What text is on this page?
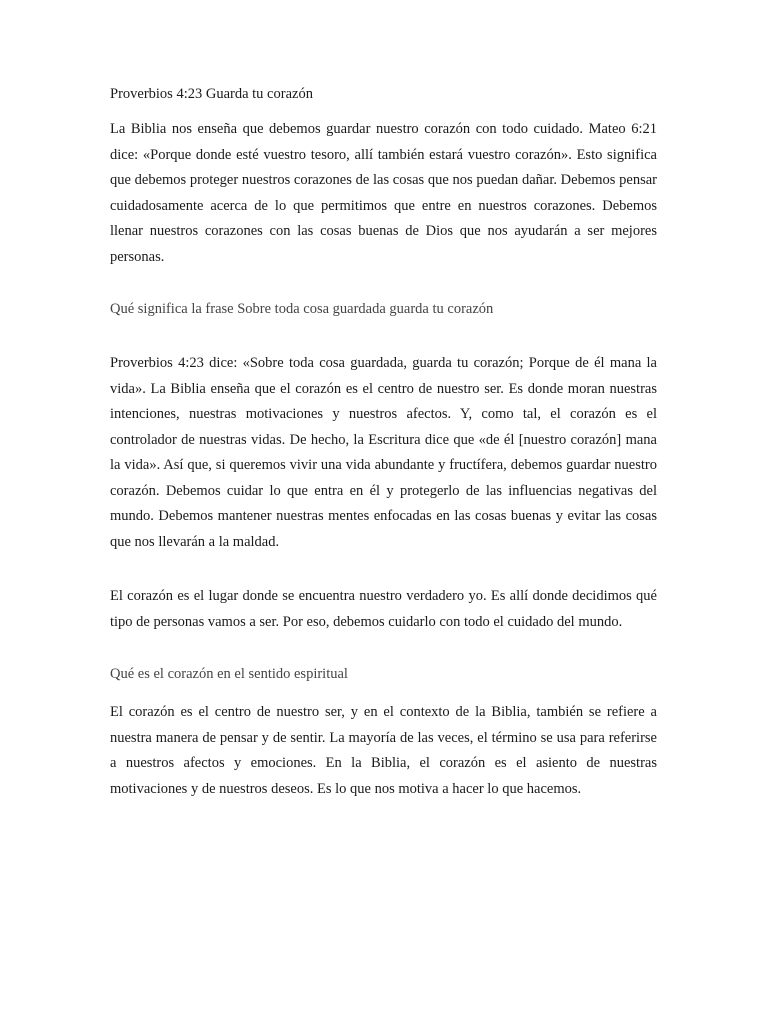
Proverbios 4:23 Guarda tu corazón

La Biblia nos enseña que debemos guardar nuestro corazón con todo cuidado. Mateo 6:21 dice: «Porque donde esté vuestro tesoro, allí también estará vuestro corazón». Esto significa que debemos proteger nuestros corazones de las cosas que nos puedan dañar. Debemos pensar cuidadosamente acerca de lo que permitimos que entre en nuestros corazones. Debemos llenar nuestros corazones con las cosas buenas de Dios que nos ayudarán a ser mejores personas.

Qué significa la frase Sobre toda cosa guardada guarda tu corazón

Proverbios 4:23 dice: «Sobre toda cosa guardada, guarda tu corazón; Porque de él mana la vida». La Biblia enseña que el corazón es el centro de nuestro ser. Es donde moran nuestras intenciones, nuestras motivaciones y nuestros afectos. Y, como tal, el corazón es el controlador de nuestras vidas. De hecho, la Escritura dice que «de él [nuestro corazón] mana la vida». Así que, si queremos vivir una vida abundante y fructífera, debemos guardar nuestro corazón. Debemos cuidar lo que entra en él y protegerlo de las influencias negativas del mundo. Debemos mantener nuestras mentes enfocadas en las cosas buenas y evitar las cosas que nos llevarán a la maldad.

El corazón es el lugar donde se encuentra nuestro verdadero yo. Es allí donde decidimos qué tipo de personas vamos a ser. Por eso, debemos cuidarlo con todo el cuidado del mundo.

Qué es el corazón en el sentido espiritual

El corazón es el centro de nuestro ser, y en el contexto de la Biblia, también se refiere a nuestra manera de pensar y de sentir. La mayoría de las veces, el término se usa para referirse a nuestros afectos y emociones. En la Biblia, el corazón es el asiento de nuestras motivaciones y de nuestros deseos. Es lo que nos motiva a hacer lo que hacemos.
